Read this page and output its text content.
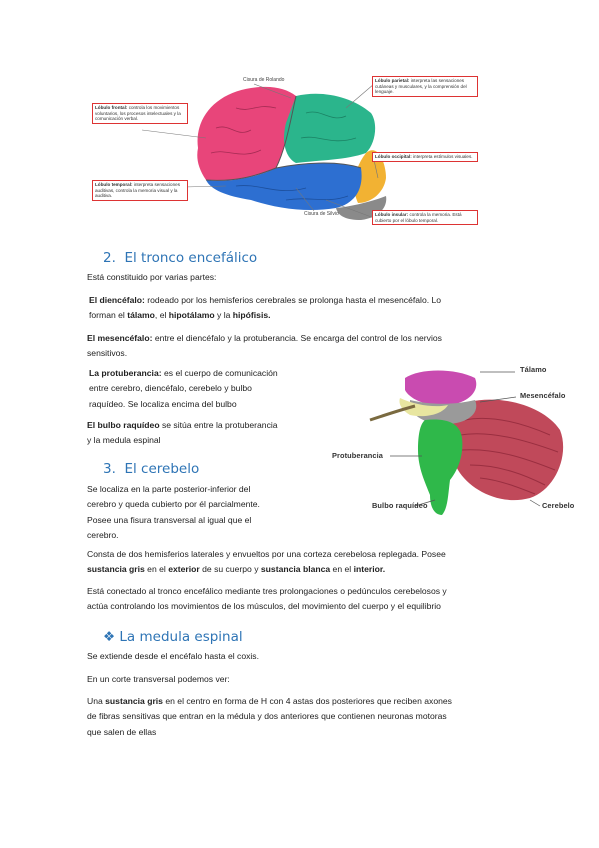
Cisura de Rolando
Cisura de Silvio
Lóbulo frontal: controla los movimientos voluntarios, los procesos intelectuales y la comunicación verbal.
Lóbulo temporal: interpreta sensaciones auditivas, controla la memoria visual y la auditiva.
Lóbulo parietal: interpreta las sensaciones cutáneas y musculares, y la comprensión del lenguaje.
Lóbulo occipital: interpreta estímulos visuales.
Lóbulo insular: controla la memoria. Está cubierto por el lóbulo temporal.
2. El tronco encefálico

Está constituido por varias partes:

El diencéfalo: rodeado por los hemisferios cerebrales se prolonga hasta el mesencéfalo. Lo
forman el tálamo, el hipotálamo y la hipófisis.

El mesencéfalo: entre el diencéfalo y la protuberancia. Se encarga del control de los nervios
sensitivos.

La protuberancia: es el cuerpo de comunicación
entre cerebro, diencéfalo, cerebelo y bulbo
raquídeo. Se localiza encima del bulbo

El bulbo raquídeo se sitúa entre la protuberancia
y la medula espinal

Tálamo
Mesencéfalo
Protuberancia
Bulbo raquídeo	Cerebelo
3. El cerebelo

Se localiza en la parte posterior-inferior del
cerebro y queda cubierto por él parcialmente.
Posee una fisura transversal al igual que el
cerebro.

Consta de dos hemisferios laterales y envueltos por una corteza cerebelosa replegada. Posee
sustancia gris en el exterior de su cuerpo y sustancia blanca en el interior.

Está conectado al tronco encefálico mediante tres prolongaciones o pedúnculos cerebelosos y
actúa controlando los movimientos de los músculos, del movimiento del cuerpo y el equilibrio

❖ La medula espinal

Se extiende desde el encéfalo hasta el coxis.

En un corte transversal podemos ver:

Una sustancia gris en el centro en forma de H con 4 astas dos posteriores que reciben axones
de fibras sensitivas que entran en la médula y dos anteriores que contienen neuronas motoras
que salen de ellas
